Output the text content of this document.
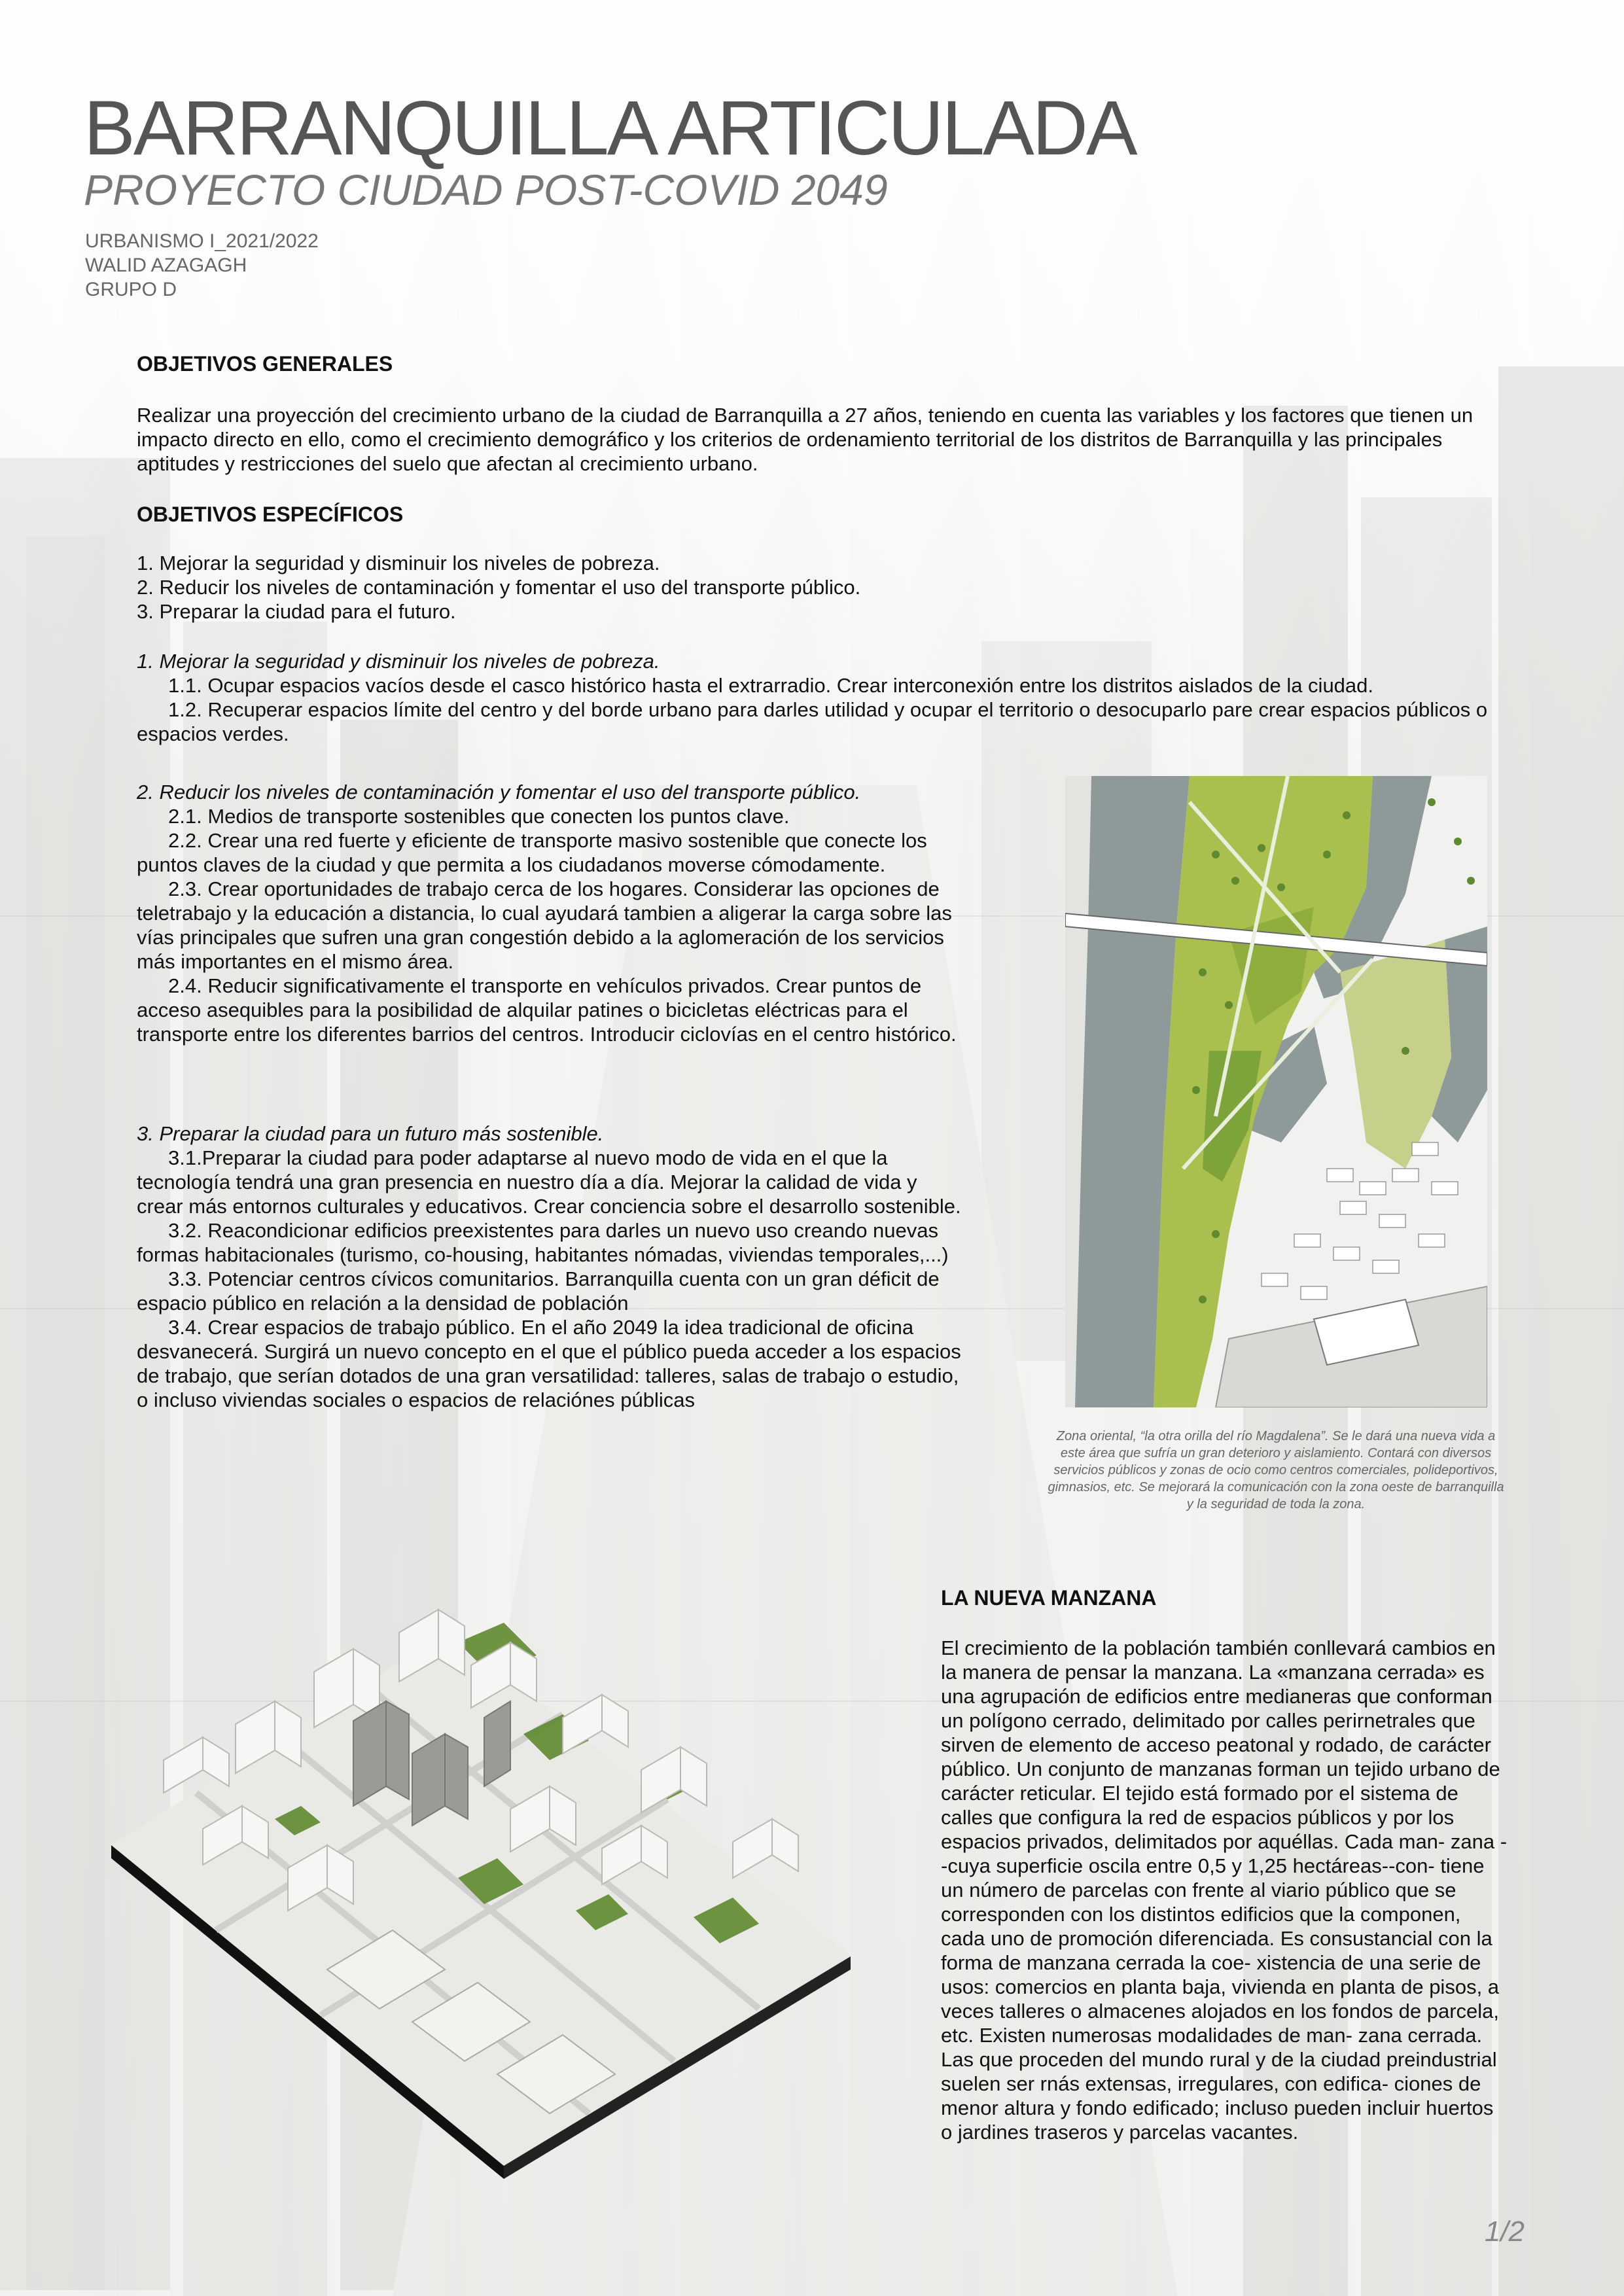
BARRANQUILLA ARTICULADA
PROYECTO CIUDAD POST-COVID 2049
URBANISMO I_2021/2022
WALID AZAGAGH
GRUPO D
OBJETIVOS GENERALES
Realizar una proyección del crecimiento urbano de la ciudad de Barranquilla a 27 años, teniendo en cuenta las variables y los factores que tienen un impacto directo en ello, como el crecimiento demográfico y los criterios de ordenamiento territorial de los distritos de Barranquilla y las principales aptitudes y restricciones del suelo que afectan al crecimiento urbano.
OBJETIVOS ESPECÍFICOS
1. Mejorar la seguridad y disminuir los niveles de pobreza.
2. Reducir los niveles de contaminación y fomentar el uso del transporte público.
3. Preparar la ciudad para el futuro.
1. Mejorar la seguridad y disminuir los niveles de pobreza.
1.1. Ocupar espacios vacíos desde el casco histórico hasta el extrarradio. Crear interconexión entre los distritos aislados de la ciudad.
1.2. Recuperar espacios límite del centro y del borde urbano para darles utilidad y ocupar el territorio o desocuparlo pare crear espacios públicos o espacios verdes.
2. Reducir los niveles de contaminación y fomentar el uso del transporte público.
2.1. Medios de transporte sostenibles que conecten los puntos clave.
2.2. Crear una red fuerte y eficiente de transporte masivo sostenible que conecte los puntos claves de la ciudad y que permita a los ciudadanos moverse cómodamente.
2.3. Crear oportunidades de trabajo cerca de los hogares. Considerar las opciones de teletrabajo y la educación a distancia, lo cual ayudará tambien a aligerar la carga sobre las vías principales que sufren una gran congestión debido a la aglomeración de los servicios más importantes en el mismo área.
2.4. Reducir significativamente el transporte en vehículos privados. Crear puntos de acceso asequibles para la posibilidad de alquilar patines o bicicletas eléctricas para el transporte entre los diferentes barrios del centros. Introducir ciclovías en el centro histórico.
3. Preparar la ciudad para un futuro más sostenible.
3.1.Preparar la ciudad para poder adaptarse al nuevo modo de vida en el que la tecnología tendrá una gran presencia en nuestro día a día. Mejorar la calidad de vida y crear más entornos culturales y educativos. Crear conciencia sobre el desarrollo sostenible.
3.2. Reacondicionar edificios preexistentes para darles un nuevo uso creando nuevas formas habitacionales (turismo, co-housing, habitantes nómadas, viviendas temporales,...)
3.3. Potenciar centros cívicos comunitarios. Barranquilla cuenta con un gran déficit de espacio público en relación a la densidad de población
3.4. Crear espacios de trabajo público. En el año 2049 la idea tradicional de oficina desvanecerá. Surgirá un nuevo concepto en el que el público pueda acceder a los espacios de trabajo, que serían dotados de una gran versatilidad: talleres, salas de trabajo o estudio, o incluso viviendas sociales o espacios de relaciónes públicas
Zona oriental, “la otra orilla del río Magdalena”. Se le dará una nueva vida a este área que sufría un gran deterioro y aislamiento. Contará con diversos servicios públicos y zonas de ocio como centros comerciales, polideportivos, gimnasios, etc. Se mejorará la comunicación con la zona oeste de barranquilla y la seguridad de toda la zona.
LA NUEVA MANZANA
El crecimiento de la población también conllevará cambios en la manera de pensar la manzana. La «manzana cerrada» es una agrupación de edificios entre medianeras que conforman un polígono cerrado, delimitado por calles perirnetrales que sirven de elemento de acceso peatonal y rodado, de carácter público. Un conjunto de manzanas forman un tejido urbano de carácter reticular. El tejido está formado por el sistema de calles que configura la red de espacios públicos y por los espacios privados, delimitados por aquéllas. Cada man- zana --cuya superficie oscila entre 0,5 y 1,25 hectáreas--con- tiene un número de parcelas con frente al viario público que se corresponden con los distintos edificios que la componen, cada uno de promoción diferenciada. Es consustancial con la forma de manzana cerrada la coe- xistencia de una serie de usos: comercios en planta baja, vivienda en planta de pisos, a veces talleres o almacenes alojados en los fondos de parcela, etc. Existen numerosas modalidades de man- zana cerrada. Las que proceden del mundo rural y de la ciudad preindustrial suelen ser rnás extensas, irregulares, con edifica- ciones de menor altura y fondo edificado; incluso pueden incluir huertos o jardines traseros y parcelas vacantes.
1/2
